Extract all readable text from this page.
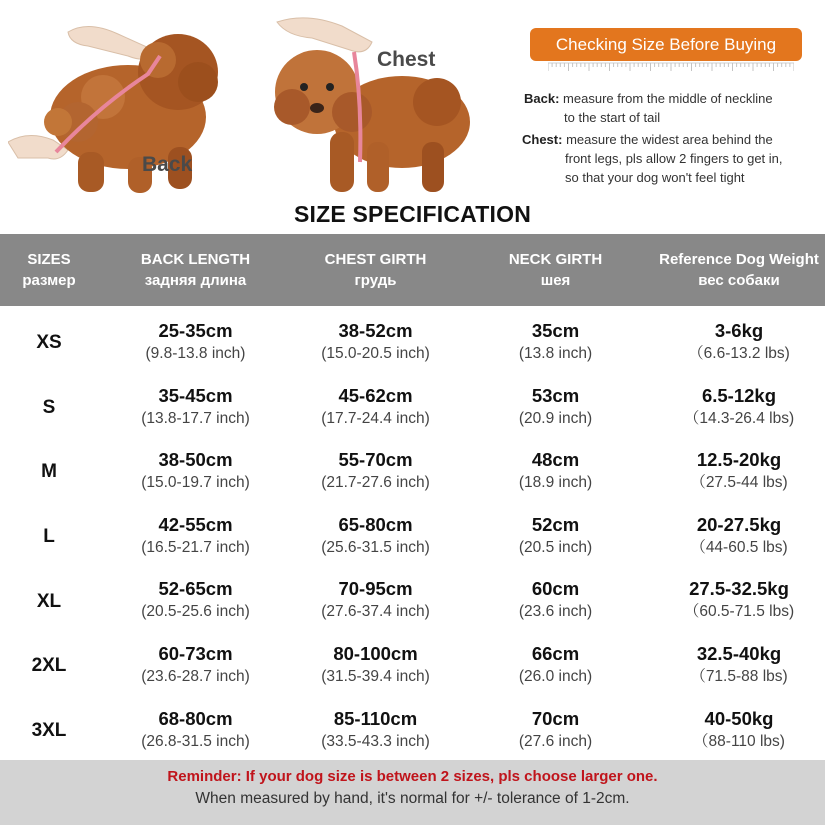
Back
Chest
Checking Size Before Buying
Back: measure from the middle of neckline
to the start of tail
Chest: measure the widest area behind the
front legs, pls allow 2 fingers to get in,
so that your dog won't feel tight
SIZE SPECIFICATION
SIZES
размер
BACK LENGTH
задняя длина
CHEST GIRTH
грудь
NECK GIRTH
шея
Reference Dog Weight
вес собаки
XS
25-35cm
(9.8-13.8 inch)
38-52cm
(15.0-20.5 inch)
35cm
(13.8 inch)
3-6kg
（6.6-13.2 lbs)
S
35-45cm
(13.8-17.7 inch)
45-62cm
(17.7-24.4 inch)
53cm
(20.9 inch)
6.5-12kg
（14.3-26.4 lbs)
M
38-50cm
(15.0-19.7 inch)
55-70cm
(21.7-27.6 inch)
48cm
(18.9 inch)
12.5-20kg
（27.5-44 lbs)
L
42-55cm
(16.5-21.7 inch)
65-80cm
(25.6-31.5 inch)
52cm
(20.5 inch)
20-27.5kg
（44-60.5 lbs)
XL
52-65cm
(20.5-25.6 inch)
70-95cm
(27.6-37.4 inch)
60cm
(23.6 inch)
27.5-32.5kg
（60.5-71.5 lbs)
2XL
60-73cm
(23.6-28.7 inch)
80-100cm
(31.5-39.4 inch)
66cm
(26.0 inch)
32.5-40kg
（71.5-88 lbs)
3XL
68-80cm
(26.8-31.5 inch)
85-110cm
(33.5-43.3 inch)
70cm
(27.6 inch)
40-50kg
（88-110 lbs)
Reminder: If your dog size is between 2 sizes, pls choose larger one.
When measured by hand, it's normal for +/- tolerance of 1-2cm.
